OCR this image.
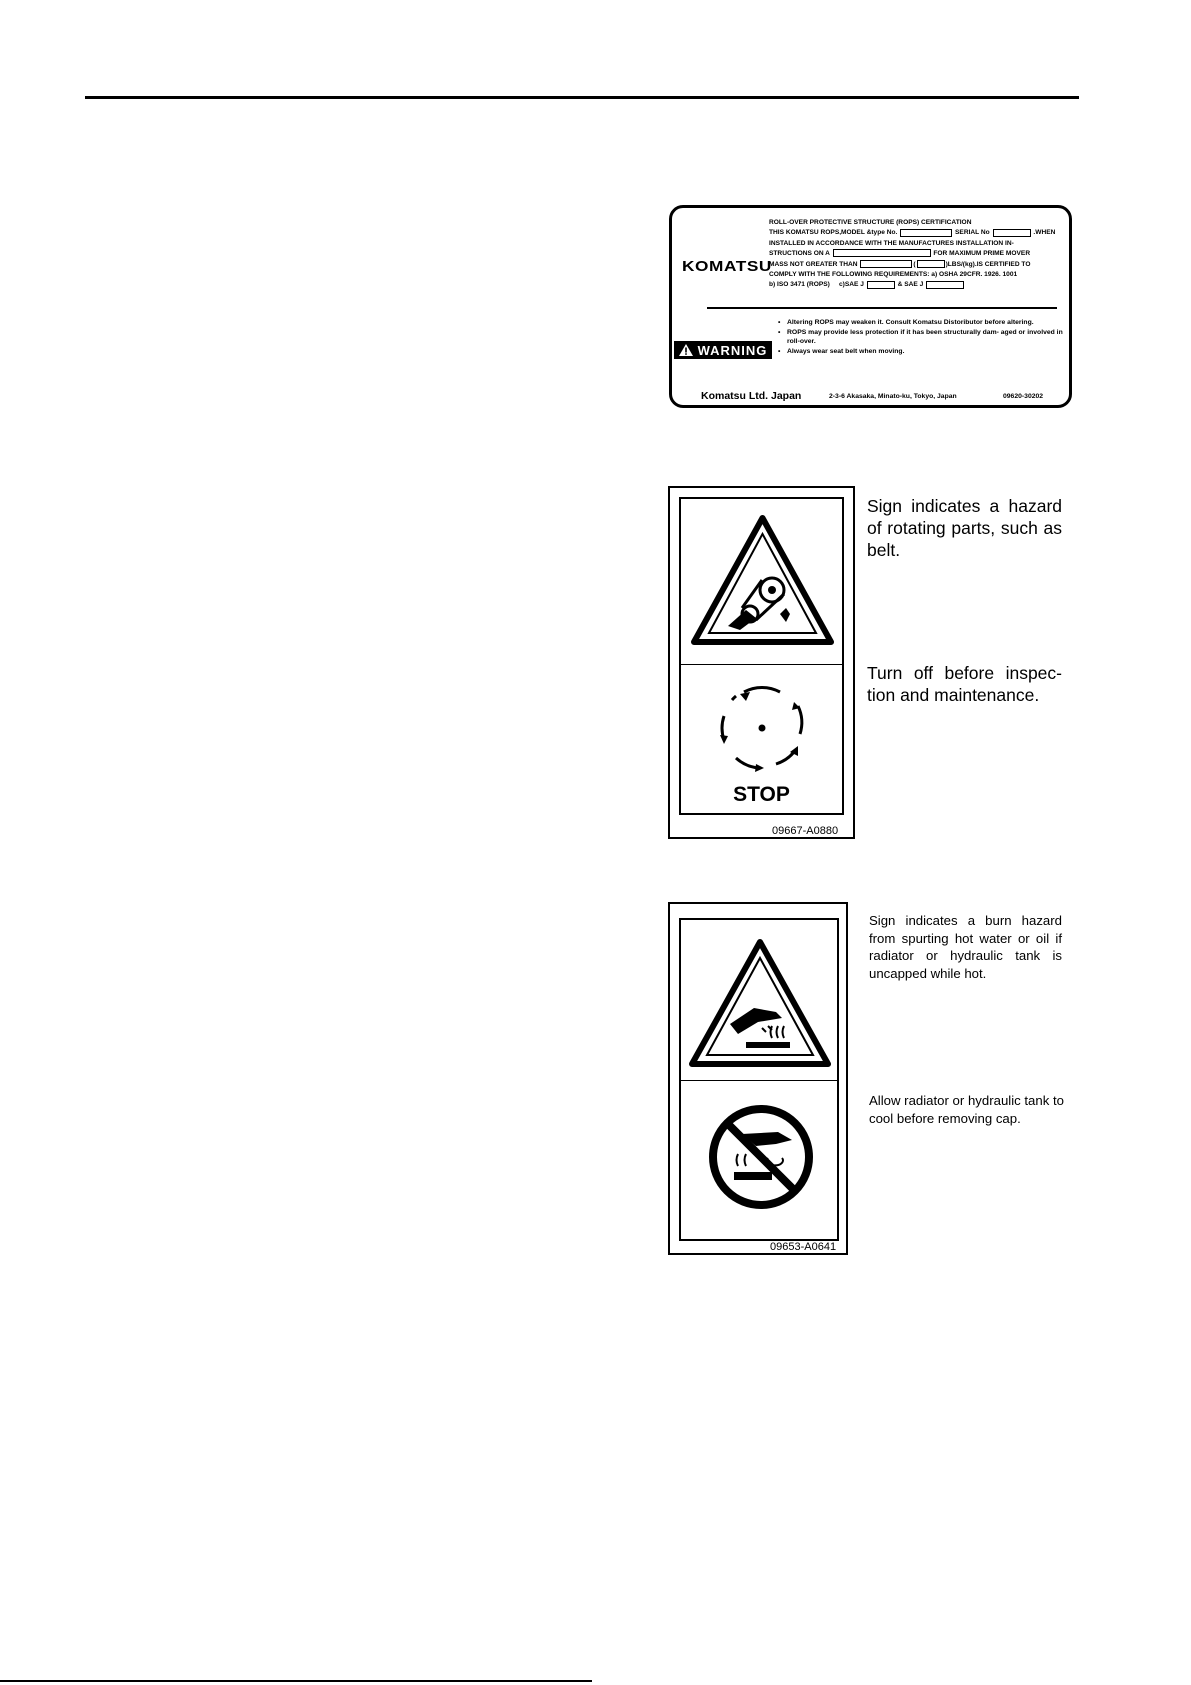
KOMATSU
ROLL-OVER PROTECTIVE STRUCTURE (ROPS) CERTIFICATION
THIS KOMATSU ROPS,MODEL &type No.	SERIAL No	.WHEN
INSTALLED IN ACCORDANCE WITH THE MANUFACTURES INSTALLATION IN-
STRUCTIONS ON A	FOR MAXIMUM PRIME MOVER
MASS NOT GREATER THAN	(	)LBS/(kg).IS CERTIFIED TO
COMPLY WITH THE FOLLOWING REQUIREMENTS: a) OSHA 29CFR. 1926. 1001
b) ISO 3471 (ROPS) c)SAE J	& SAE J
WARNING
• Altering ROPS may weaken it. Consult Komatsu Distoributor before altering.
• ROPS may provide less protection if it has been structurally dam- aged or involved in roll-over.
• Always wear seat belt when moving.
Komatsu Ltd. Japan	2-3-6 Akasaka, Minato-ku, Tokyo, Japan	09620-30202
STOP
09667-A0880
Sign indicates a hazard of rotating parts, such as belt.
Turn off before inspec- tion and maintenance.
09653-A0641
Sign indicates a burn hazard from spurting hot water or oil if radiator or hydraulic tank is uncapped while hot.
Allow radiator or hydraulic tank to cool before removing cap.
